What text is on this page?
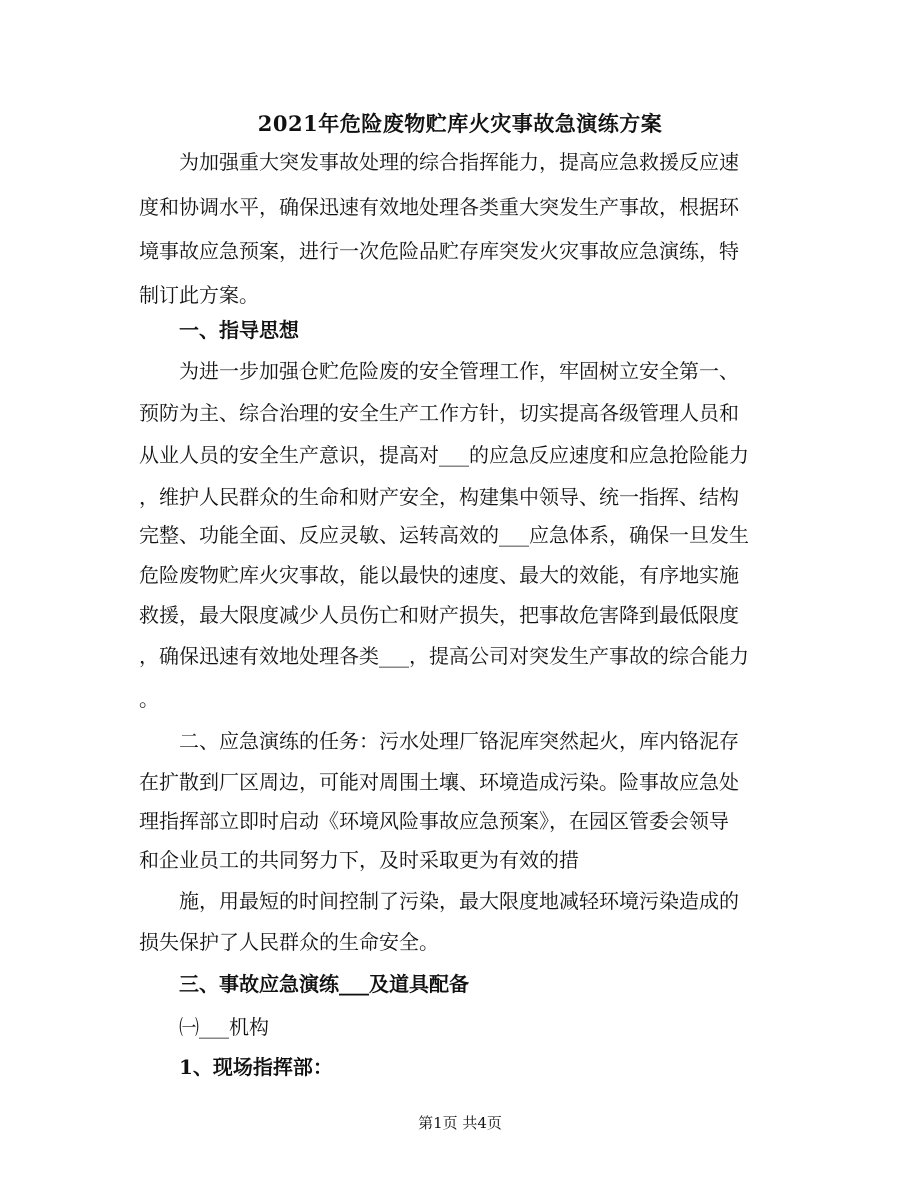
2021年危险废物贮库火灾事故急演练方案
为加强重大突发事故处理的综合指挥能力，提高应急救援反应速
度和协调水平，确保迅速有效地处理各类重大突发生产事故，根据环
境事故应急预案，进行一次危险品贮存库突发火灾事故应急演练，特
制订此方案。
一、指导思想
为进一步加强仓贮危险废的安全管理工作，牢固树立安全第一、
预防为主、综合治理的安全生产工作方针，切实提高各级管理人员和
从业人员的安全生产意识，提高对___的应急反应速度和应急抢险能力
，维护人民群众的生命和财产安全，构建集中领导、统一指挥、结构
完整、功能全面、反应灵敏、运转高效的___应急体系，确保一旦发生
危险废物贮库火灾事故，能以最快的速度、最大的效能，有序地实施
救援，最大限度减少人员伤亡和财产损失，把事故危害降到最低限度
，确保迅速有效地处理各类___，提高公司对突发生产事故的综合能力
。
二、应急演练的任务：污水处理厂铬泥库突然起火，库内铬泥存
在扩散到厂区周边，可能对周围土壤、环境造成污染。险事故应急处
理指挥部立即时启动《环境风险事故应急预案》，在园区管委会领导
和企业员工的共同努力下，及时采取更为有效的措
施，用最短的时间控制了污染，最大限度地减轻环境污染造成的
损失保护了人民群众的生命安全。
三、事故应急演练___及道具配备
㈠___机构
1、现场指挥部：
第1页 共4页
